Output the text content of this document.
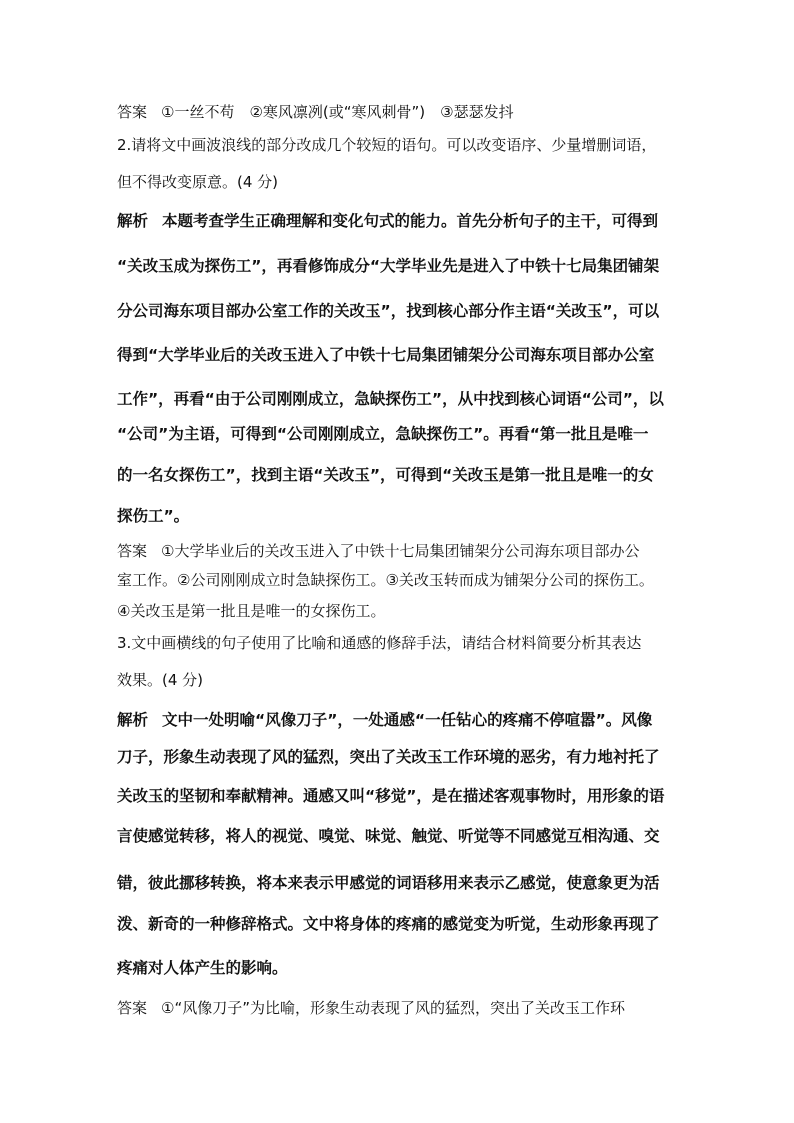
答案 ①一丝不苟　②寒风凛冽(或“寒风刺骨”)　③瑟瑟发抖
2.请将文中画波浪线的部分改成几个较短的语句。可以改变语序、少量增删词语，
但不得改变原意。(4 分)
解析 本题考查学生正确理解和变化句式的能力。首先分析句子的主干，可得到
“关改玉成为探伤工”，再看修饰成分“大学毕业先是进入了中铁十七局集团铺架
分公司海东项目部办公室工作的关改玉”，找到核心部分作主语“关改玉”，可以
得到“大学毕业后的关改玉进入了中铁十七局集团铺架分公司海东项目部办公室
工作”，再看“由于公司刚刚成立，急缺探伤工”，从中找到核心词语“公司”，以
“公司”为主语，可得到“公司刚刚成立，急缺探伤工”。再看“第一批且是唯一
的一名女探伤工”，找到主语“关改玉”，可得到“关改玉是第一批且是唯一的女
探伤工”。
答案 ①大学毕业后的关改玉进入了中铁十七局集团铺架分公司海东项目部办公
室工作。②公司刚刚成立时急缺探伤工。③关改玉转而成为铺架分公司的探伤工。
④关改玉是第一批且是唯一的女探伤工。
3.文中画横线的句子使用了比喻和通感的修辞手法，请结合材料简要分析其表达
效果。(4 分)
解析 文中一处明喻“风像刀子”，一处通感“一任钻心的疼痛不停喧嚣”。风像
刀子，形象生动表现了风的猛烈，突出了关改玉工作环境的恶劣，有力地衬托了
关改玉的坚韧和奉献精神。通感又叫“移觉”，是在描述客观事物时，用形象的语
言使感觉转移，将人的视觉、嗅觉、味觉、触觉、听觉等不同感觉互相沟通、交
错，彼此挪移转换，将本来表示甲感觉的词语移用来表示乙感觉，使意象更为活
泼、新奇的一种修辞格式。文中将身体的疼痛的感觉变为听觉，生动形象再现了
疼痛对人体产生的影响。
答案 ①“风像刀子”为比喻，形象生动表现了风的猛烈，突出了关改玉工作环
